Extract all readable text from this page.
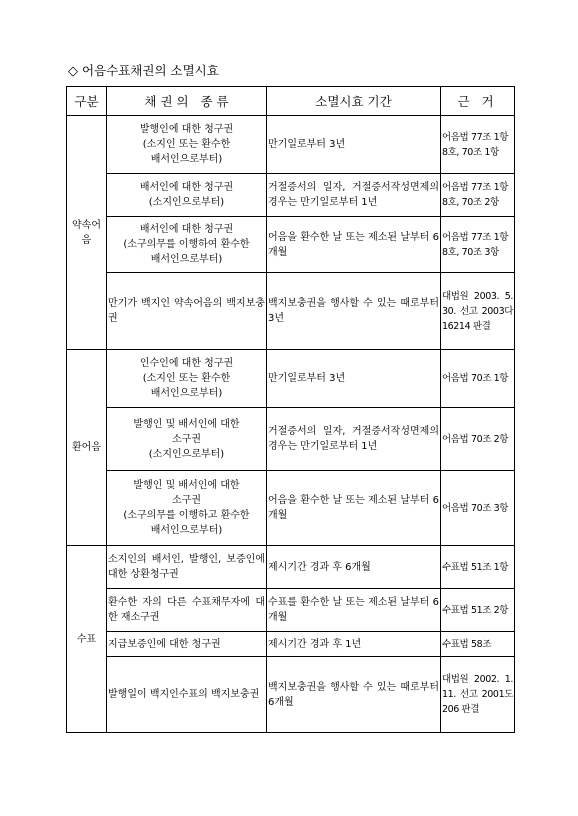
◇ 어음수표채권의 소멸시효
구분	채 권 의   종 류	소멸시효 기간	근 거
약속어음	발행인에 대한 청구권
(소지인 또는 환수한
배서인으로부터)	만기일로부터 3년	어음법 77조 1항 8호, 70조 1항
	배서인에 대한 청구권
(소지인으로부터)	거절증서의 일자, 거절증서작성면제의 경우는 만기일로부터 1년	어음법 77조 1항 8호, 70조 2항
	배서인에 대한 청구권
(소구의무를 이행하여 환수한
배서인으로부터)	어음을 환수한 날 또는 제소된 날부터 6개월	어음법 77조 1항 8호, 70조 3항
	만기가 백지인 약속어음의 백지보충권	백지보충권을 행사할 수 있는 때로부터 3년	대법원 2003. 5. 30. 선고 2003다16214 판결
환어음	인수인에 대한 청구권
(소지인 또는 환수한
배서인으로부터)	만기일로부터 3년	어음법 70조 1항
	발행인 및 배서인에 대한
소구권
(소지인으로부터)	거절증서의 일자, 거절증서작성면제의 경우는 만기일로부터 1년	어음법 70조 2항
	발행인 및 배서인에 대한
소구권
(소구의무를 이행하고 환수한
배서인으로부터)	어음을 환수한 날 또는 제소된 날부터 6개월	어음법 70조 3항
수표	소지인의 배서인, 발행인, 보증인에 대한 상환청구권	제시기간 경과 후 6개월	수표법 51조 1항
	환수한 자의 다른 수표채무자에 대한 재소구권	수표를 환수한 날 또는 제소된 날부터 6개월	수표법 51조 2항
	지급보증인에 대한 청구권	제시기간 경과 후 1년	수표법 58조
	발행일이 백지인수표의 백지보충권	백지보충권을 행사할 수 있는 때로부터 6개월	대법원 2002. 1. 11. 선고 2001도206 판결
